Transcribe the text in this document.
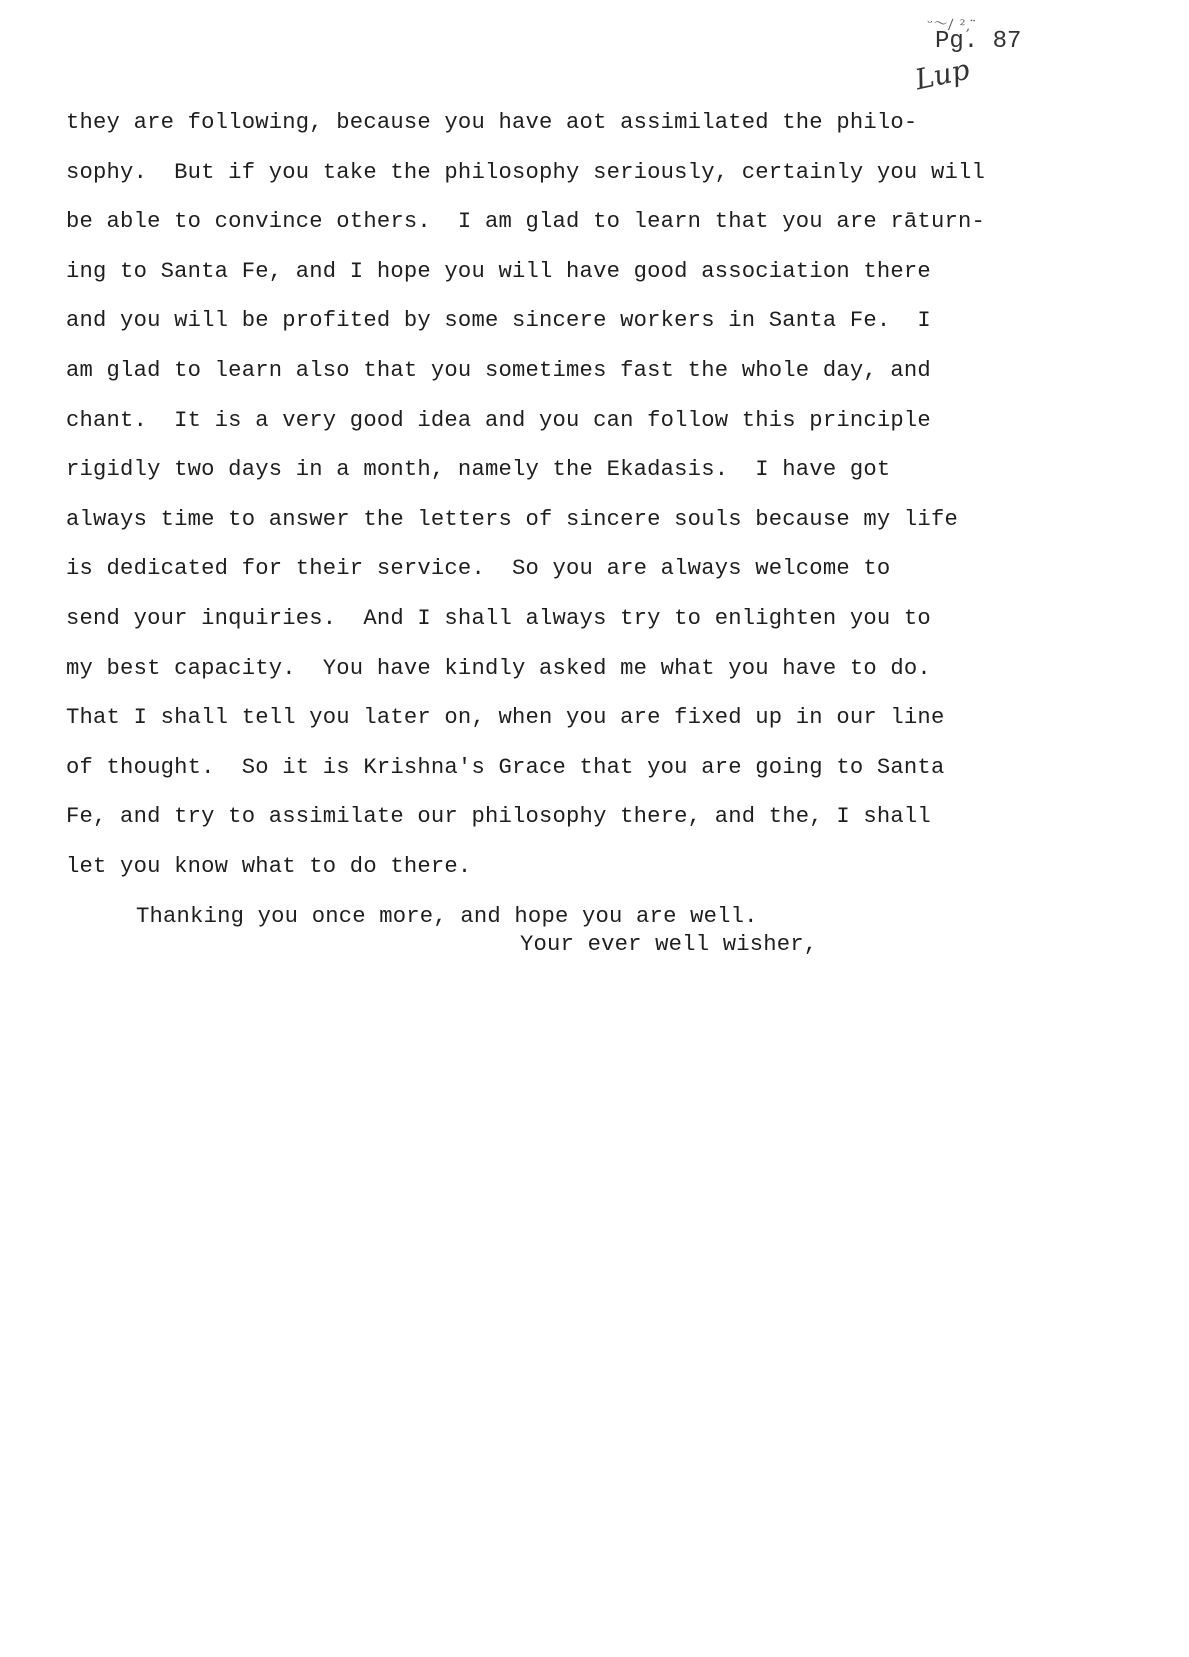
ᵕ〜/ ², ̈
Pg. 87
Lup
they are following, because you have aot assimilated the philo-
sophy.  But if you take the philosophy seriously, certainly you will
be able to convince others.  I am glad to learn that you are rāturn-
ing to Santa Fe, and I hope you will have good association there
and you will be profited by some sincere workers in Santa Fe.  I
am glad to learn also that you sometimes fast the whole day, and
chant.  It is a very good idea and you can follow this principle
rigidly two days in a month, namely the Ekadasis.  I have got
always time to answer the letters of sincere souls because my life
is dedicated for their service.  So you are always welcome to
send your inquiries.  And I shall always try to enlighten you to
my best capacity.  You have kindly asked me what you have to do.
That I shall tell you later on, when you are fixed up in our line
of thought.  So it is Krishna's Grace that you are going to Santa
Fe, and try to assimilate our philosophy there, and the, I shall
let you know what to do there.
Thanking you once more, and hope you are well.
Your ever well wisher,
